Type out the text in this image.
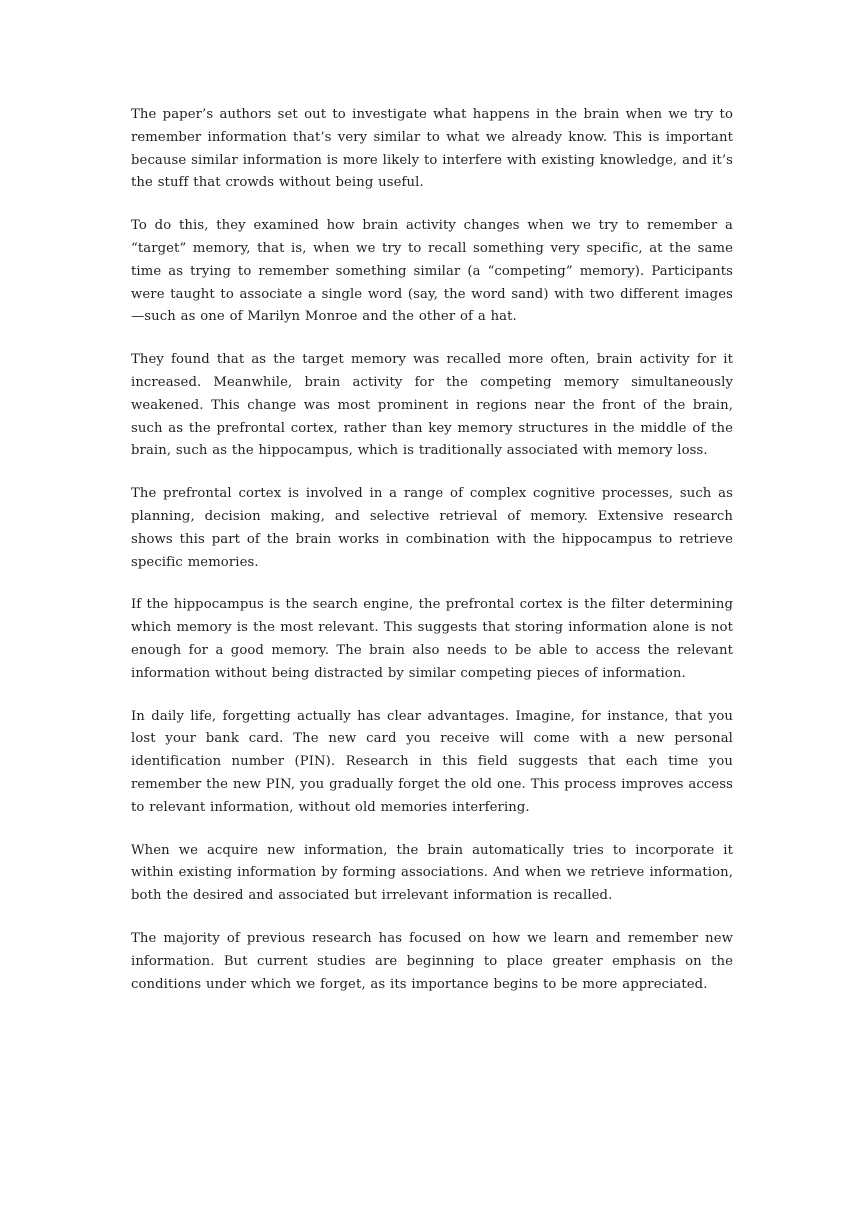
The paper’s authors set out to investigate what happens in the brain when we try to remember information that’s very similar to what we already know. This is important because similar information is more likely to interfere with existing knowledge, and it’s the stuff that crowds without being useful.

To do this, they examined how brain activity changes when we try to remember a “target” memory, that is, when we try to recall something very specific, at the same time as trying to remember something similar (a “competing” memory). Participants were taught to associate a single word (say, the word sand) with two different images—such as one of Marilyn Monroe and the other of a hat.

They found that as the target memory was recalled more often, brain activity for it increased. Meanwhile, brain activity for the competing memory simultaneously weakened. This change was most prominent in regions near the front of the brain, such as the prefrontal cortex, rather than key memory structures in the middle of the brain, such as the hippocampus, which is traditionally associated with memory loss.

The prefrontal cortex is involved in a range of complex cognitive processes, such as planning, decision making, and selective retrieval of memory. Extensive research shows this part of the brain works in combination with the hippocampus to retrieve specific memories.

If the hippocampus is the search engine, the prefrontal cortex is the filter determining which memory is the most relevant. This suggests that storing information alone is not enough for a good memory. The brain also needs to be able to access the relevant information without being distracted by similar competing pieces of information.

In daily life, forgetting actually has clear advantages. Imagine, for instance, that you lost your bank card. The new card you receive will come with a new personal identification number (PIN). Research in this field suggests that each time you remember the new PIN, you gradually forget the old one. This process improves access to relevant information, without old memories interfering.

When we acquire new information, the brain automatically tries to incorporate it within existing information by forming associations. And when we retrieve information, both the desired and associated but irrelevant information is recalled.

The majority of previous research has focused on how we learn and remember new information. But current studies are beginning to place greater emphasis on the conditions under which we forget, as its importance begins to be more appreciated.
